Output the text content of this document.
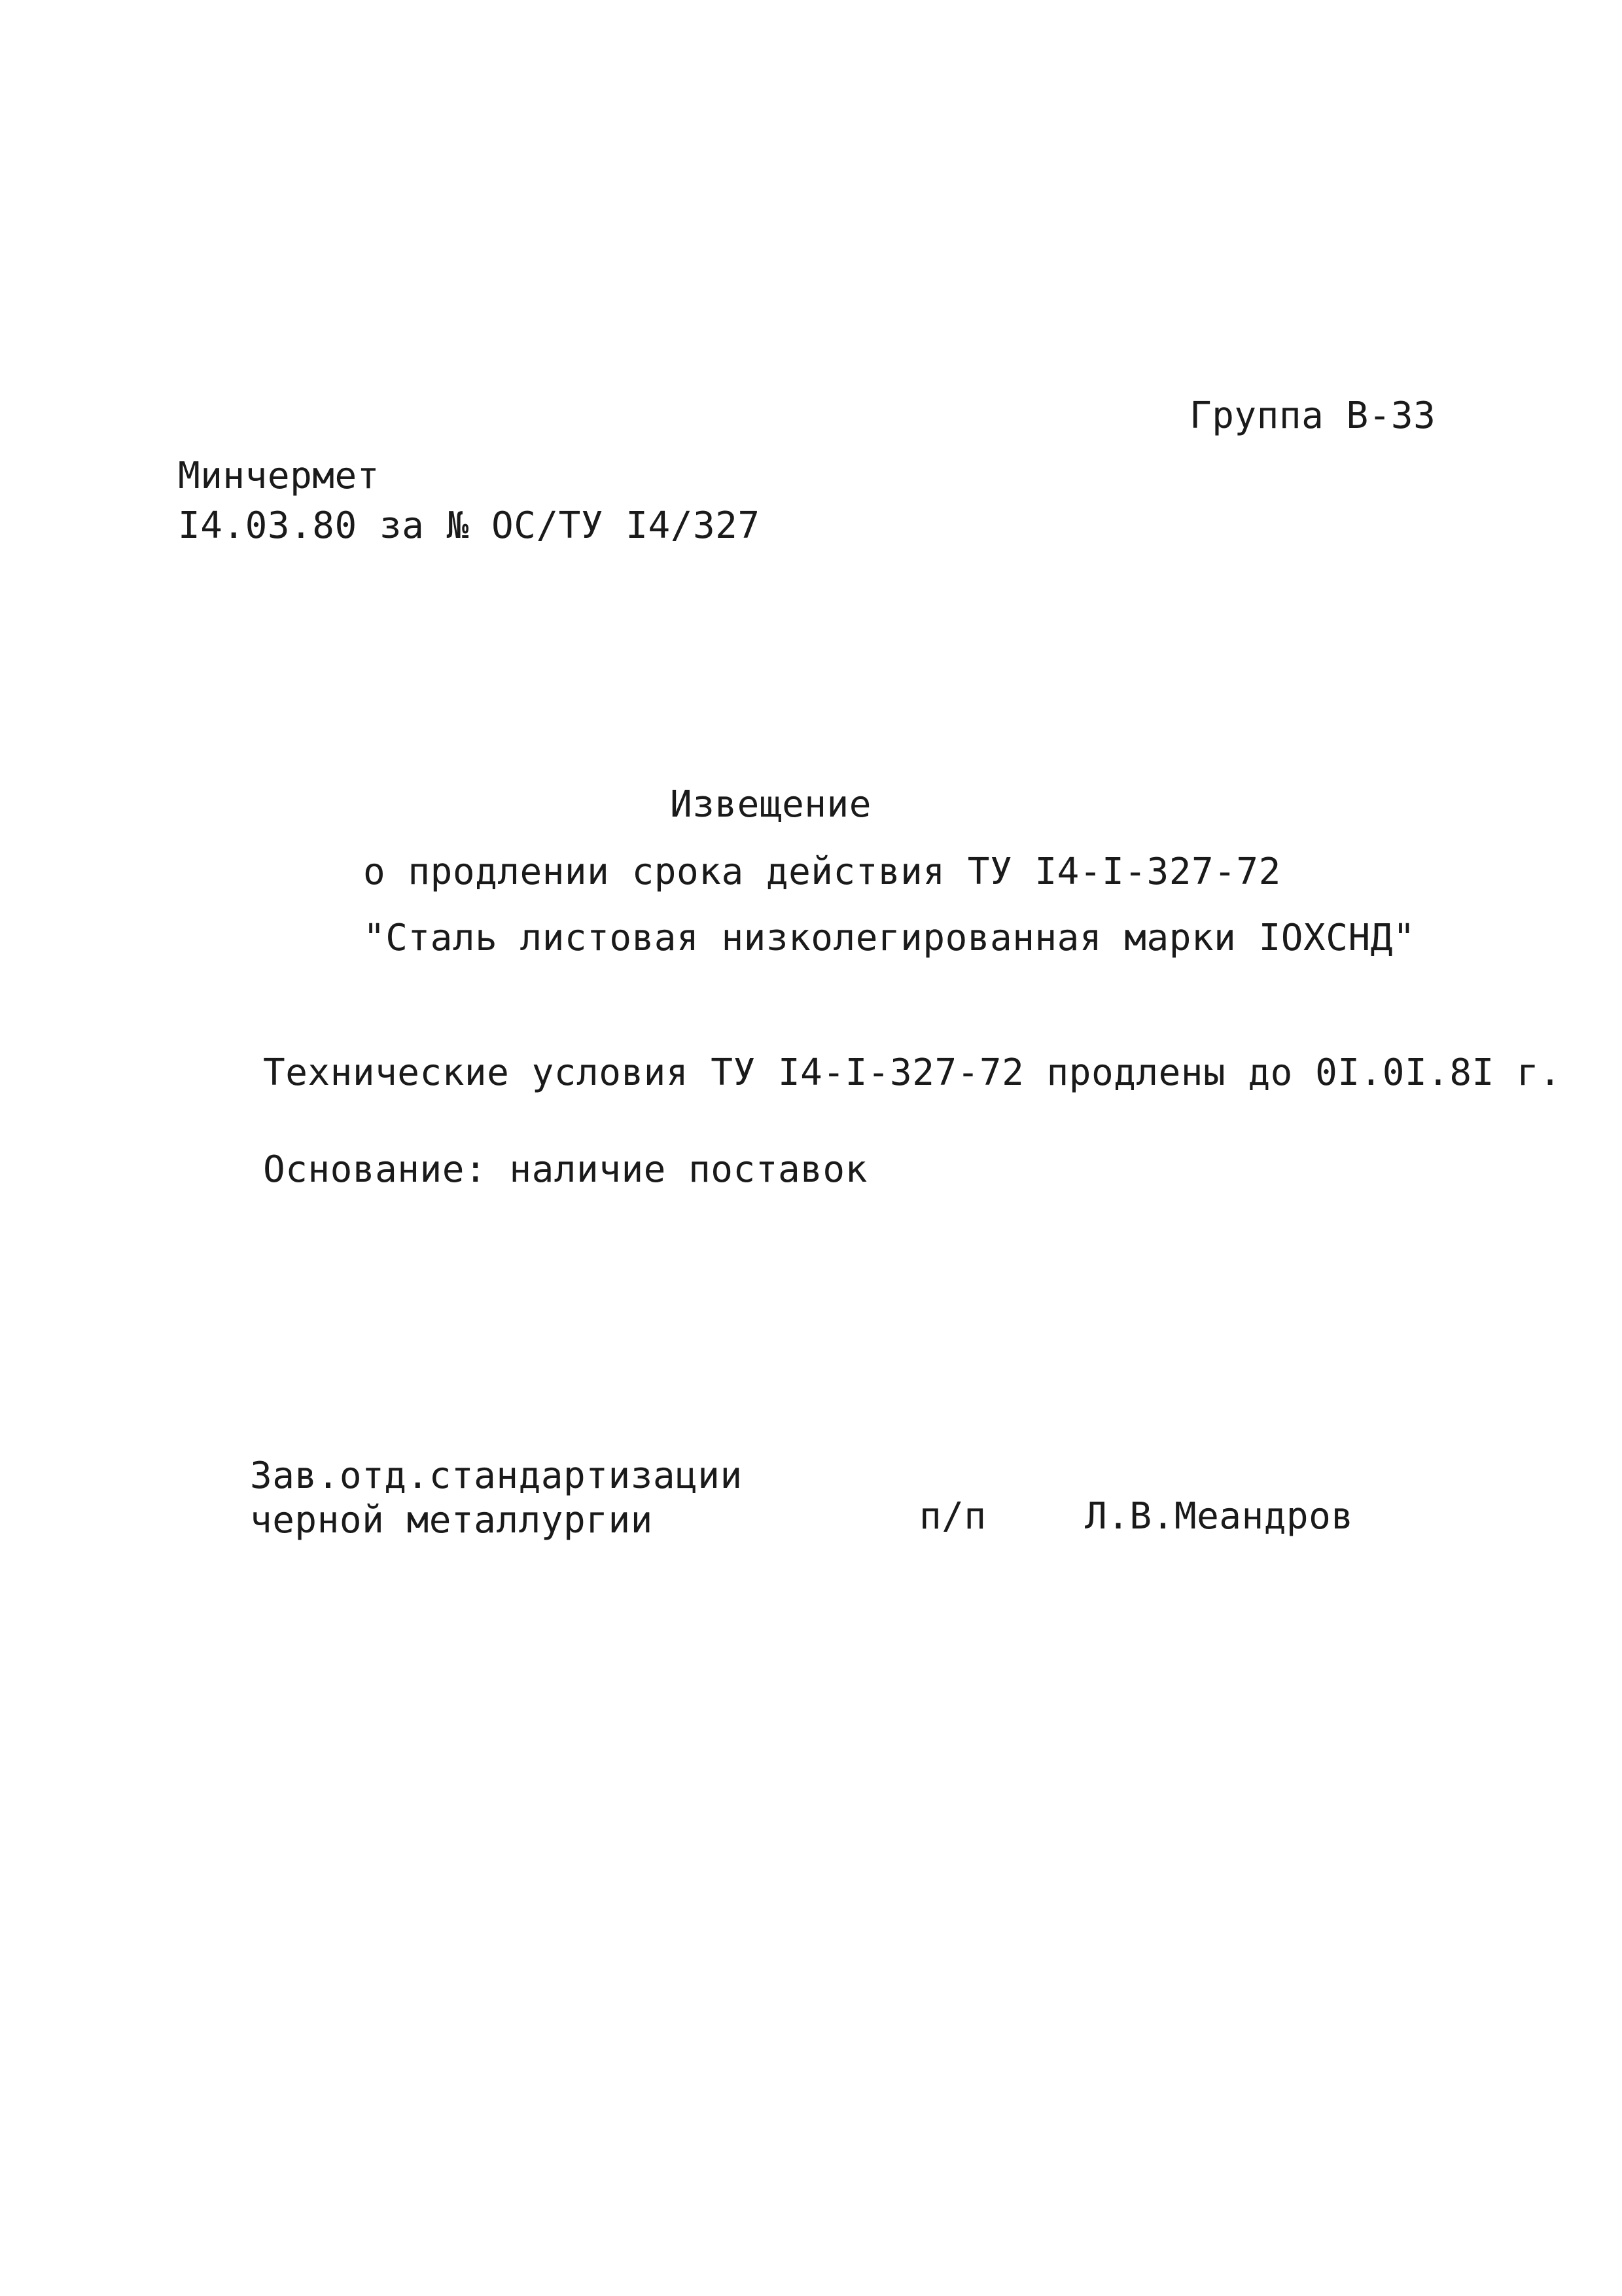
Группа В-33
Минчермет
I4.03.80 за № ОС/ТУ I4/327
Извещение
о продлении срока действия ТУ I4-I-327-72
"Сталь листовая низколегированная марки IOXCHД"
Технические условия ТУ I4-I-327-72 продлены до 0I.0I.8I г.
Основание: наличие поставок
Зав.отд.стандартизации
черной металлургии	п/п	Л.В.Меандров
